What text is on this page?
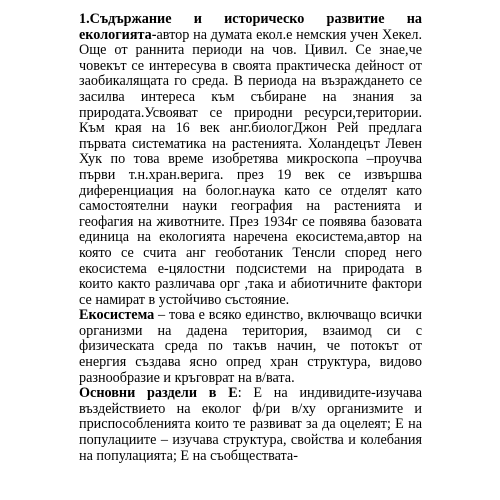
1.Съдържание и историческо развитие на екологията-автор на думата екол.е немския учен Хекел. Още от раннита периоди на чов. Цивил. Се знае,че човекът се интересува в своята практическа дейност от заобикалящата го среда. В периода на възраждането се засилва интереса към събиране на знания за природата.Усвояват се природни ресурси,територии. Към края на 16 век анг.биологДжон Рей предлага първата систематика на растенията. Холандецът Левен Хук по това време изобретява микроскопа –проучва първи т.н.хран.верига. през 19 век се извършва диференциация на бoлог.наука като се отделят като самостоятелни науки география на растенията и геофагия на животните. През 1934г се появява базовата единица на екологията наречена екосистема,автор на която се счита анг геоботаник Тенсли според него екосистема е-цялостни подсистеми на природата в които както различава орг ,така и абиотичните фактори се намират в устойчиво състояние.

Екосистема – това е всяко единство, включващо всички организми на дадена територия, взаимод си с физическата среда по такъв начин, че потокът от енергия създава ясно опред хран структура, видово разнообразие и кръговрат на в/вата.

Основни раздели в Е: Е на индивидите-изучава въздействието на еколог ф/ри в/ху организмите и приспособленията които те развиват за да оцелеят; Е на популациите – изучава структура, свойства и колебания на популацията; Е на съобществата-
